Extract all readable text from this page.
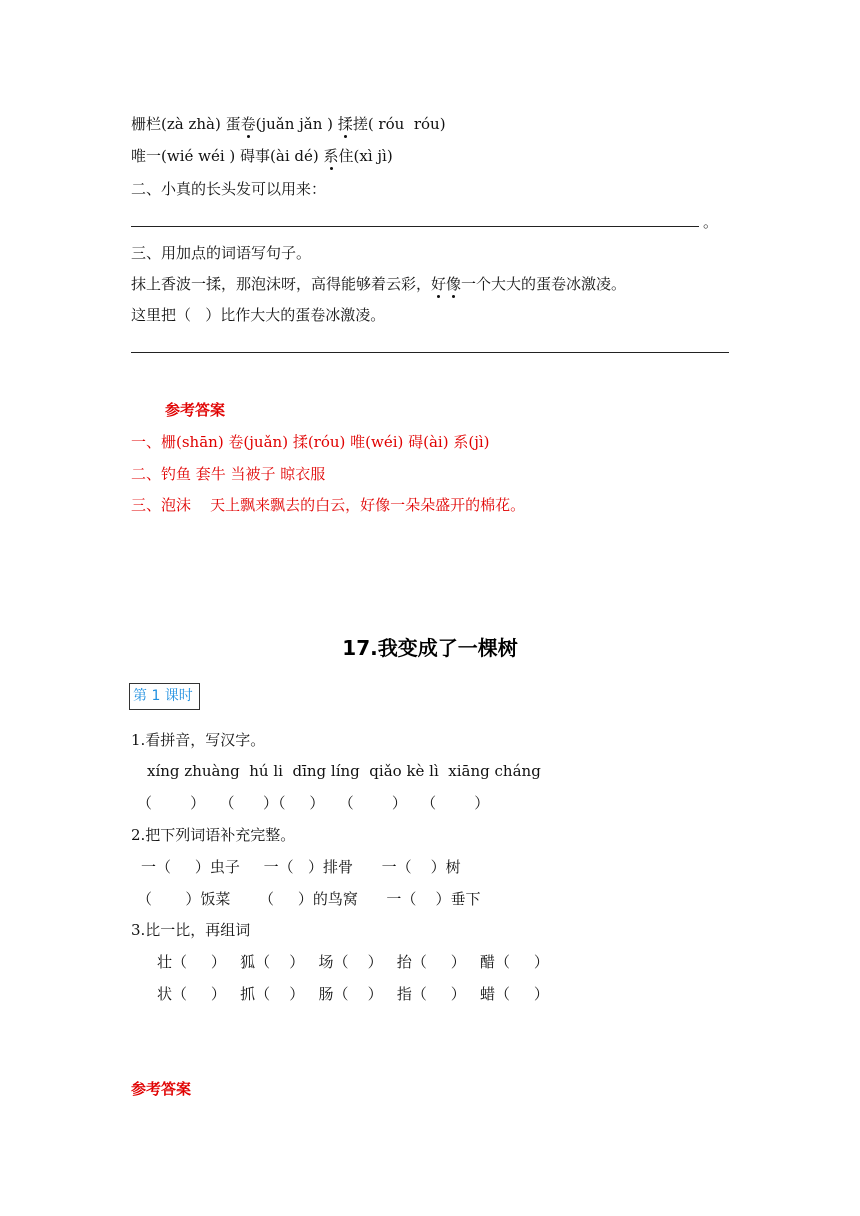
栅栏(zà zhà) 蛋卷(juǎn jǎn ) 揉搓( róu  róu)
唯一(wié wéi ) 碍事(ài dé) 系住(xì jì)
二、小真的长头发可以用来：
。
三、用加点的词语写句子。
抹上香波一揉，那泡沫呀，高得能够着云彩，好像一个大大的蛋卷冰激凌。
这里把（   ）比作大大的蛋卷冰激凌。
参考答案
一、栅(shān) 卷(juǎn) 揉(róu) 唯(wéi) 碍(ài) 系(jì)
二、钓鱼 套牛 当被子 晾衣服
三、泡沫    天上飘来飘去的白云，好像一朵朵盛开的棉花。
17.我变成了一棵树
第 1 课时
1.看拼音，写汉字。
xíng zhuàng  hú li  dīng líng  qiǎo kè lì  xiāng cháng
（        ）   （      ）（     ）   （        ）   （        ）
2.把下列词语补充完整。
一（     ）虫子     一（   ）排骨      一（    ）树
（       ）饭菜      （     ）的鸟窝      一（    ）垂下
3.比一比，再组词
壮（     ）   狐（    ）   场（    ）   抬（     ）   醋（     ）
状（     ）   抓（    ）   肠（    ）   指（     ）   蜡（     ）
参考答案
